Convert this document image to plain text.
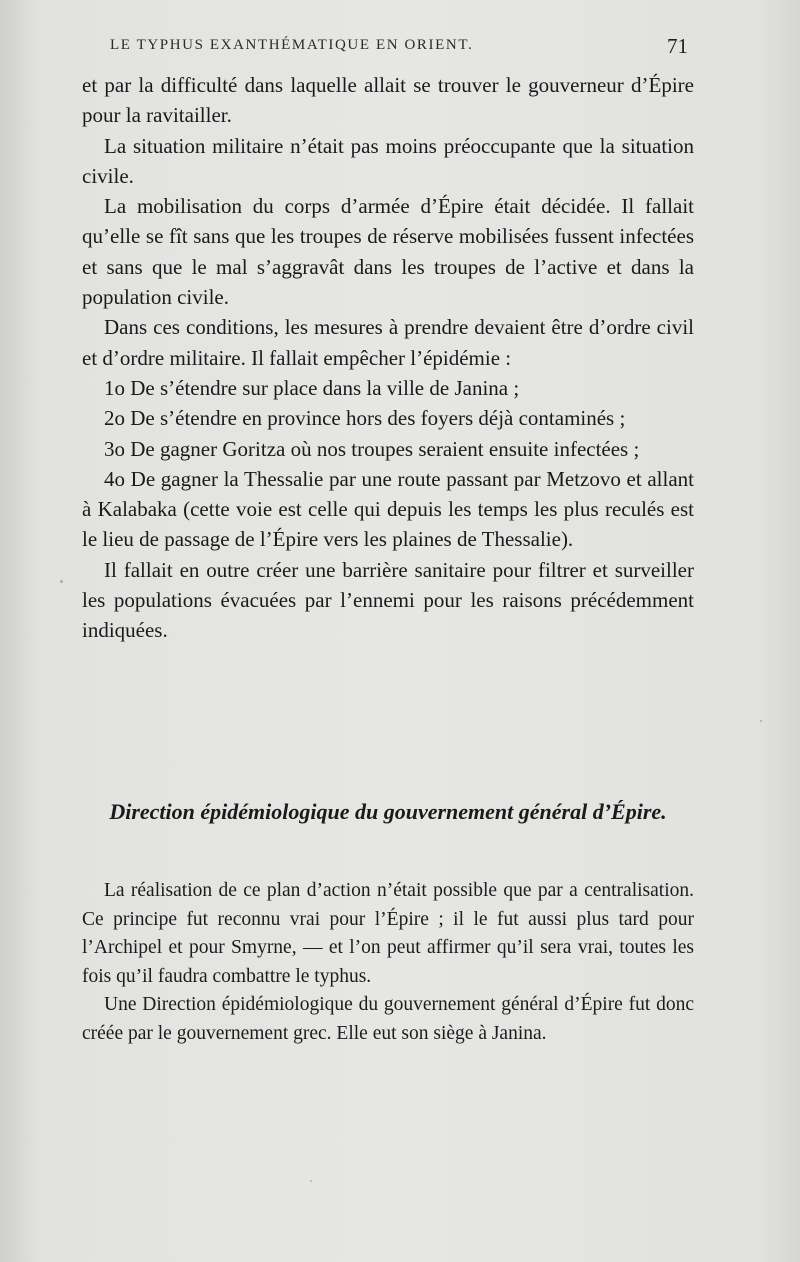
LE TYPHUS EXANTHÉMATIQUE EN ORIENT.	71

et par la difficulté dans laquelle allait se trouver le gouverneur d’Épire pour la ravitailler.

La situation militaire n’était pas moins préoccupante que la situation civile.

La mobilisation du corps d’armée d’Épire était décidée. Il fallait qu’elle se fît sans que les troupes de réserve mobilisées fussent infectées et sans que le mal s’aggravât dans les troupes de l’active et dans la population civile.

Dans ces conditions, les mesures à prendre devaient être d’ordre civil et d’ordre militaire. Il fallait empêcher l’épidémie :

1o De s’étendre sur place dans la ville de Janina ;

2o De s’étendre en province hors des foyers déjà contaminés ;

3o De gagner Goritza où nos troupes seraient ensuite infectées ;

4o De gagner la Thessalie par une route passant par Metzovo et allant à Kalabaka (cette voie est celle qui depuis les temps les plus reculés est le lieu de passage de l’Épire vers les plaines de Thessalie).

Il fallait en outre créer une barrière sanitaire pour filtrer et surveiller les populations évacuées par l’ennemi pour les raisons précédemment indiquées.

Direction épidémiologique du gouvernement général d’Épire.

La réalisation de ce plan d’action n’était possible que par a centralisation. Ce principe fut reconnu vrai pour l’Épire ; il le fut aussi plus tard pour l’Archipel et pour Smyrne, — et l’on peut affirmer qu’il sera vrai, toutes les fois qu’il faudra combattre le typhus.

Une Direction épidémiologique du gouvernement général d’Épire fut donc créée par le gouvernement grec. Elle eut son siège à Janina.
